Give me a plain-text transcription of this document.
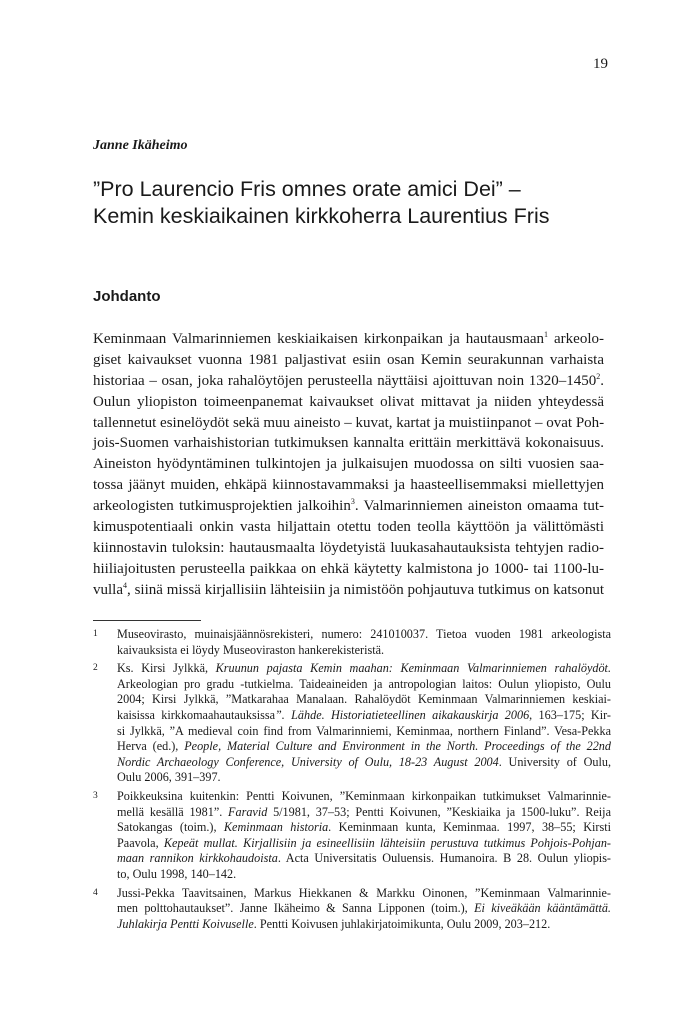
19
Janne Ikäheimo
”Pro Laurencio Fris omnes orate amici Dei” –
Kemin keskiaikainen kirkkoherra Laurentius Fris
Johdanto
Keminmaan Valmarinniemen keskiaikaisen kirkonpaikan ja hautausmaan$^1$ arkeolo-
giset kaivaukset vuonna 1981 paljastivat esiin osan Kemin seurakunnan varhaista
historiaa – osan, joka rahalöytöjen perusteella näyttäisi ajoittuvan noin 1320–1450$^2$.
Oulun yliopiston toimeenpanemat kaivaukset olivat mittavat ja niiden yhteydessä
tallennetut esinelöydöt sekä muu aineisto – kuvat, kartat ja muistiinpanot – ovat Poh-
jois-Suomen varhaishistorian tutkimuksen kannalta erittäin merkittävä kokonaisuus.
Aineiston hyödyntäminen tulkintojen ja julkaisujen muodossa on silti vuosien saa-
tossa jäänyt muiden, ehkäpä kiinnostavammaksi ja haasteellisemmaksi miellettyjen
arkeologisten tutkimusprojektien jalkoihin$^3$. Valmarinniemen aineiston omaama tut-
kimuspotentiaali onkin vasta hiljattain otettu toden teolla käyttöön ja välittömästi
kiinnostavin tuloksin: hautausmaalta löydetyistä luukasahautauksista tehtyjen radio-
hiiliajoitusten perusteella paikkaa on ehkä käytetty kalmistona jo 1000- tai 1100-lu-
vulla$^4$, siinä missä kirjallisiin lähteisiin ja nimistöön pohjautuva tutkimus on katsonut
1 Museovirasto, muinaisjäännösrekisteri, numero: 241010037. Tietoa vuoden 1981 arkeologista
kaivauksista ei löydy Museoviraston hankerekisteristä.
2 Ks. Kirsi Jylkkä, Kruunun pajasta Kemin maahan: Keminmaan Valmarinniemen rahalöydöt.
Arkeologian pro gradu -tutkielma. Taideaineiden ja antropologian laitos: Oulun yliopisto, Oulu
2004; Kirsi Jylkkä, ”Matkarahaa Manalaan. Rahalöydöt Keminmaan Valmarinniemen keskiai-
kaisissa kirkkomaahautauksissa”. Lähde. Historiatieteellinen aikakauskirja 2006, 163–175; Kir-
si Jylkkä, ”A medieval coin find from Valmarinniemi, Keminmaa, northern Finland”. Vesa-Pekka
Herva (ed.), People, Material Culture and Environment in the North. Proceedings of the 22nd
Nordic Archaeology Conference, University of Oulu, 18-23 August 2004. University of Oulu,
Oulu 2006, 391–397.
3 Poikkeuksina kuitenkin: Pentti Koivunen, ”Keminmaan kirkonpaikan tutkimukset Valmarinnie-
mellä kesällä 1981”. Faravid 5/1981, 37–53; Pentti Koivunen, ”Keskiaika ja 1500-luku”. Reija
Satokangas (toim.), Keminmaan historia. Keminmaan kunta, Keminmaa. 1997, 38–55; Kirsti
Paavola, Kepeät mullat. Kirjallisiin ja esineellisiin lähteisiin perustuva tutkimus Pohjois-Pohjan-
maan rannikon kirkkohaudoista. Acta Universitatis Ouluensis. Humanoira. B 28. Oulun yliopis-
to, Oulu 1998, 140–142.
4 Jussi-Pekka Taavitsainen, Markus Hiekkanen & Markku Oinonen, ”Keminmaan Valmarinnie-
men polttohautaukset”. Janne Ikäheimo & Sanna Lipponen (toim.), Ei kiveäkään kääntämättä.
Juhlakirja Pentti Koivuselle. Pentti Koivusen juhlakirjatoimikunta, Oulu 2009, 203–212.
